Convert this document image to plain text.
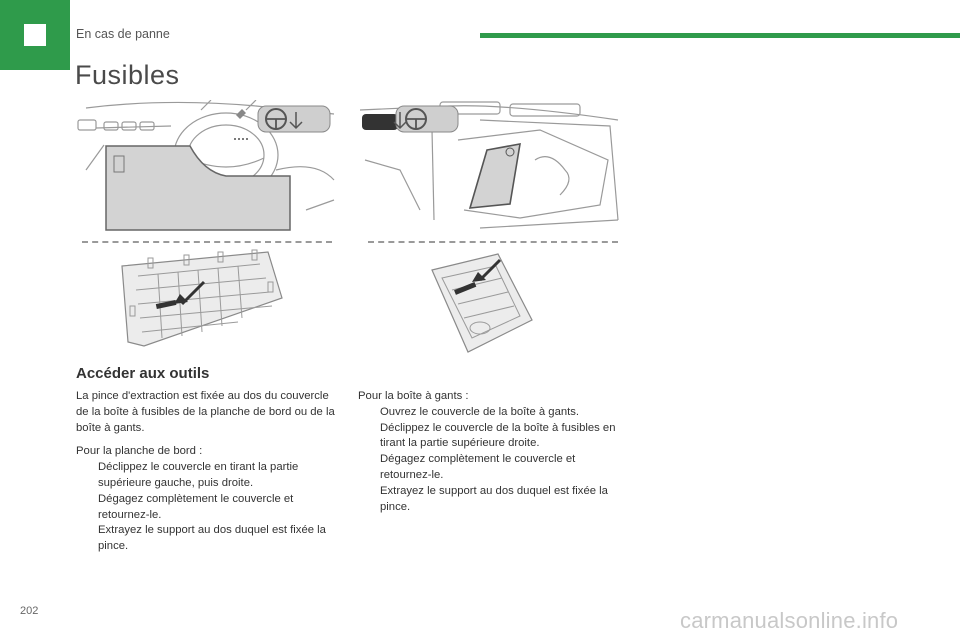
En cas de panne
Fusibles
Accéder aux outils

La pince d'extraction est fixée au dos du couvercle de la boîte à fusibles de la planche de bord ou de la boîte à gants.

Pour la planche de bord :

Déclippez le couvercle en tirant la partie supérieure gauche, puis droite.
Dégagez complètement le couvercle et retournez-le.
Extrayez le support au dos duquel est fixée la pince.

Pour la boîte à gants :

Ouvrez le couvercle de la boîte à gants.
Déclippez le couvercle de la boîte à fusibles en tirant la partie supérieure droite.
Dégagez complètement le couvercle et retournez-le.
Extrayez le support au dos duquel est fixée la pince.
202	carmanualsonline.info
